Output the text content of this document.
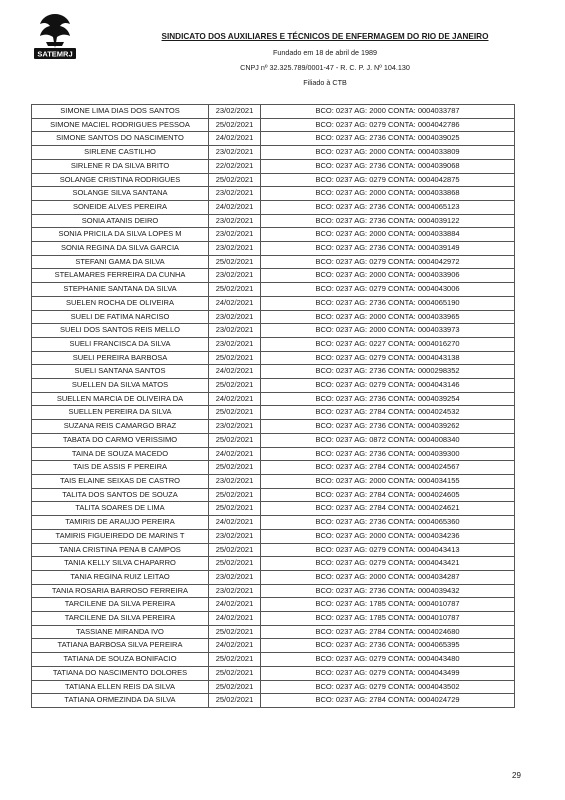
SATEMRJ
SINDICATO DOS AUXILIARES E TÉCNICOS DE ENFERMAGEM DO RIO DE JANEIRO
Fundado em 18 de abril de 1989
CNPJ nº 32.325.789/0001-47 - R. C. P. J. Nº 104.130
Filiado à CTB
SIMONE LIMA DIAS DOS SANTOS	23/02/2021	BCO: 0237 AG: 2000 CONTA: 0004033787
SIMONE MACIEL RODRIGUES PESSOA	25/02/2021	BCO: 0237 AG: 0279 CONTA: 0004042786
SIMONE SANTOS DO NASCIMENTO	24/02/2021	BCO: 0237 AG: 2736 CONTA: 0004039025
SIRLENE CASTILHO	23/02/2021	BCO: 0237 AG: 2000 CONTA: 0004033809
SIRLENE R DA SILVA BRITO	22/02/2021	BCO: 0237 AG: 2736 CONTA: 0004039068
SOLANGE CRISTINA RODRIGUES	25/02/2021	BCO: 0237 AG: 0279 CONTA: 0004042875
SOLANGE SILVA SANTANA	23/02/2021	BCO: 0237 AG: 2000 CONTA: 0004033868
SONEIDE ALVES PEREIRA	24/02/2021	BCO: 0237 AG: 2736 CONTA: 0004065123
SONIA ATANIS DEIRO	23/02/2021	BCO: 0237 AG: 2736 CONTA: 0004039122
SONIA PRICILA DA SILVA LOPES M	23/02/2021	BCO: 0237 AG: 2000 CONTA: 0004033884
SONIA REGINA DA SILVA GARCIA	23/02/2021	BCO: 0237 AG: 2736 CONTA: 0004039149
STEFANI GAMA DA SILVA	25/02/2021	BCO: 0237 AG: 0279 CONTA: 0004042972
STELAMARES FERREIRA DA CUNHA	23/02/2021	BCO: 0237 AG: 2000 CONTA: 0004033906
STEPHANIE SANTANA DA SILVA	25/02/2021	BCO: 0237 AG: 0279 CONTA: 0004043006
SUELEN ROCHA DE OLIVEIRA	24/02/2021	BCO: 0237 AG: 2736 CONTA: 0004065190
SUELI DE FATIMA NARCISO	23/02/2021	BCO: 0237 AG: 2000 CONTA: 0004033965
SUELI DOS SANTOS REIS MELLO	23/02/2021	BCO: 0237 AG: 2000 CONTA: 0004033973
SUELI FRANCISCA DA SILVA	23/02/2021	BCO: 0237 AG: 0227 CONTA: 0004016270
SUELI PEREIRA BARBOSA	25/02/2021	BCO: 0237 AG: 0279 CONTA: 0004043138
SUELI SANTANA SANTOS	24/02/2021	BCO: 0237 AG: 2736 CONTA: 0000298352
SUELLEN DA SILVA MATOS	25/02/2021	BCO: 0237 AG: 0279 CONTA: 0004043146
SUELLEN MARCIA DE OLIVEIRA DA	24/02/2021	BCO: 0237 AG: 2736 CONTA: 0004039254
SUELLEN PEREIRA DA SILVA	25/02/2021	BCO: 0237 AG: 2784 CONTA: 0004024532
SUZANA REIS CAMARGO BRAZ	23/02/2021	BCO: 0237 AG: 2736 CONTA: 0004039262
TABATA DO CARMO VERISSIMO	25/02/2021	BCO: 0237 AG: 0872 CONTA: 0004008340
TAINA DE SOUZA MACEDO	24/02/2021	BCO: 0237 AG: 2736 CONTA: 0004039300
TAIS DE ASSIS F PEREIRA	25/02/2021	BCO: 0237 AG: 2784 CONTA: 0004024567
TAIS ELAINE SEIXAS DE CASTRO	23/02/2021	BCO: 0237 AG: 2000 CONTA: 0004034155
TALITA DOS SANTOS DE SOUZA	25/02/2021	BCO: 0237 AG: 2784 CONTA: 0004024605
TALITA SOARES DE LIMA	25/02/2021	BCO: 0237 AG: 2784 CONTA: 0004024621
TAMIRIS DE ARAUJO PEREIRA	24/02/2021	BCO: 0237 AG: 2736 CONTA: 0004065360
TAMIRIS FIGUEIREDO DE MARINS T	23/02/2021	BCO: 0237 AG: 2000 CONTA: 0004034236
TANIA CRISTINA PENA B CAMPOS	25/02/2021	BCO: 0237 AG: 0279 CONTA: 0004043413
TANIA KELLY SILVA CHAPARRO	25/02/2021	BCO: 0237 AG: 0279 CONTA: 0004043421
TANIA REGINA RUIZ LEITAO	23/02/2021	BCO: 0237 AG: 2000 CONTA: 0004034287
TANIA ROSARIA BARROSO FERREIRA	23/02/2021	BCO: 0237 AG: 2736 CONTA: 0004039432
TARCILENE DA SILVA PEREIRA	24/02/2021	BCO: 0237 AG: 1785 CONTA: 0004010787
TARCILENE DA SILVA PEREIRA	24/02/2021	BCO: 0237 AG: 1785 CONTA: 0004010787
TASSIANE MIRANDA IVO	25/02/2021	BCO: 0237 AG: 2784 CONTA: 0004024680
TATIANA BARBOSA SILVA PEREIRA	24/02/2021	BCO: 0237 AG: 2736 CONTA: 0004065395
TATIANA DE SOUZA BONIFACIO	25/02/2021	BCO: 0237 AG: 0279 CONTA: 0004043480
TATIANA DO NASCIMENTO DOLORES	25/02/2021	BCO: 0237 AG: 0279 CONTA: 0004043499
TATIANA ELLEN REIS DA SILVA	25/02/2021	BCO: 0237 AG: 0279 CONTA: 0004043502
TATIANA ORMEZINDA DA SILVA	25/02/2021	BCO: 0237 AG: 2784 CONTA: 0004024729
29
